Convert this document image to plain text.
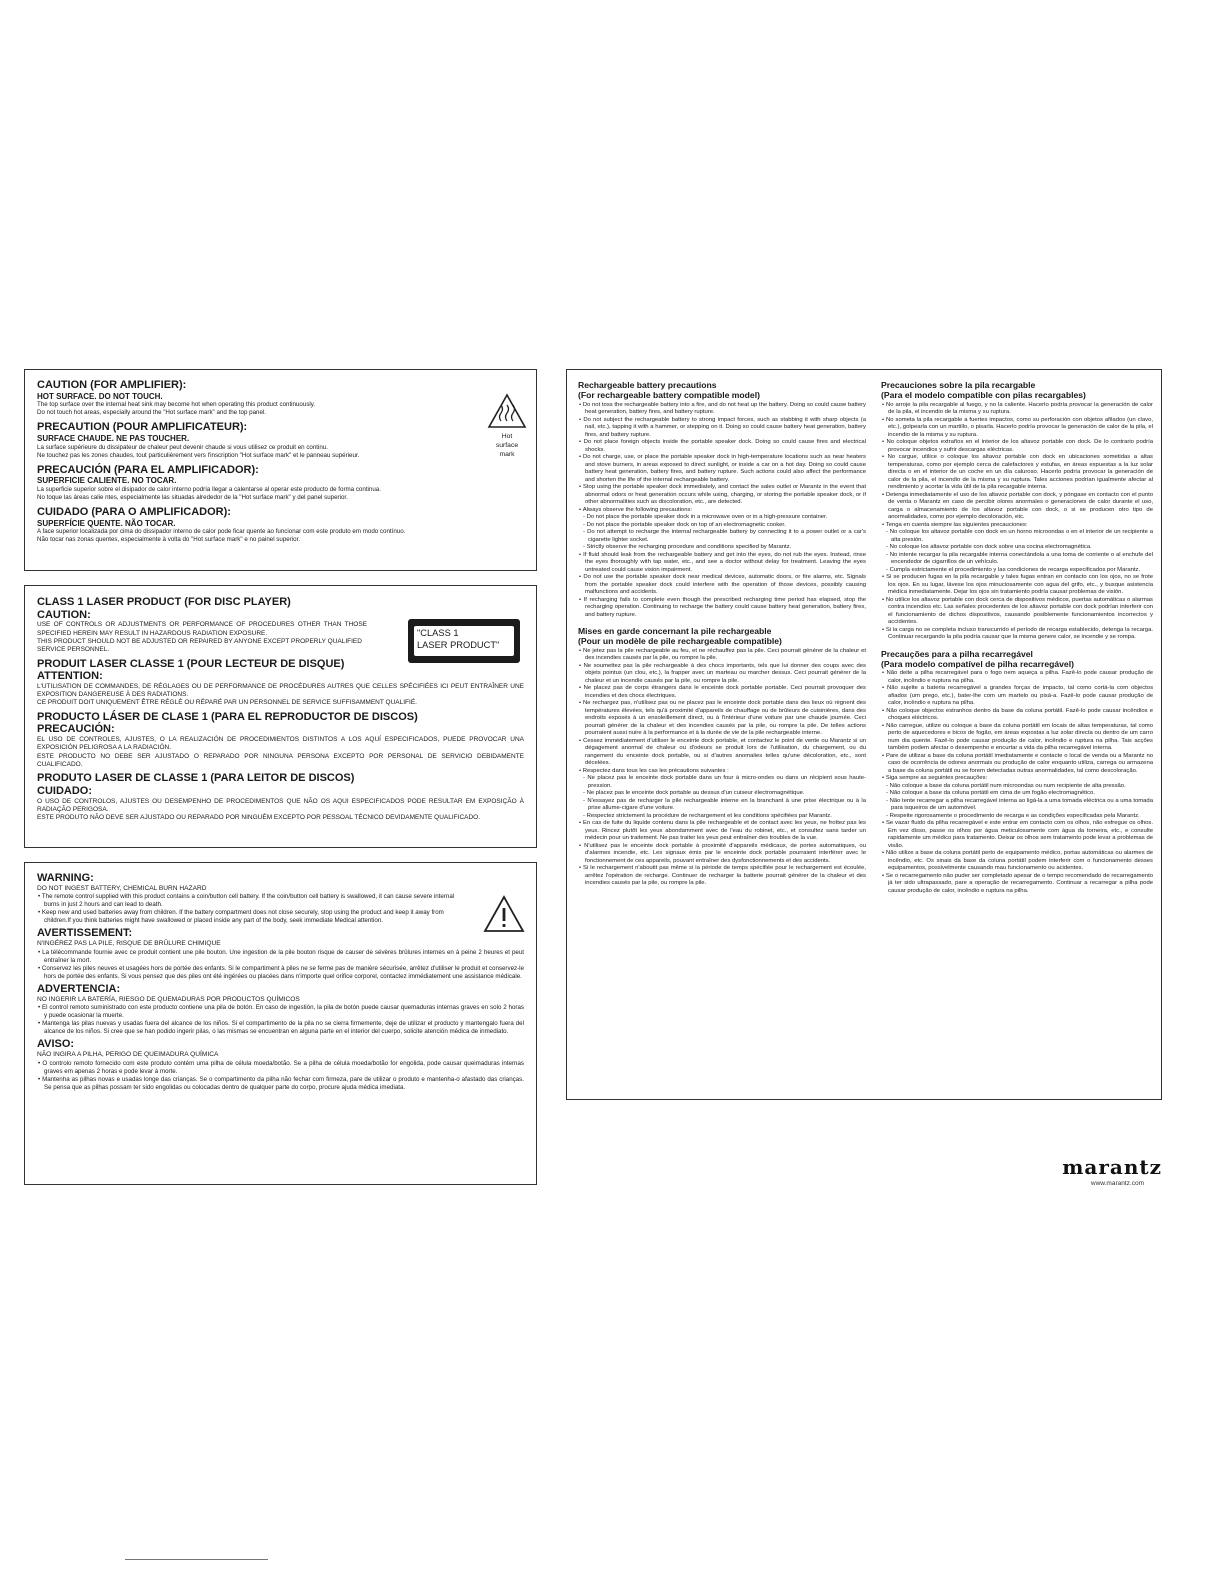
CAUTION (FOR AMPLIFIER):
HOT SURFACE. DO NOT TOUCH.
The top surface over the internal heat sink may become hot when operating this product continuously.
Do not touch hot areas, especially around the "Hot surface mark" and the top panel.
PRECAUTION (POUR AMPLIFICATEUR):
SURFACE CHAUDE. NE PAS TOUCHER.
La surface supérieure du dissipateur de chaleur peut devenir chaude si vous utilisez ce produit en continu.
Ne touchez pas les zones chaudes, tout particulièrement vers l'inscription "Hot surface mark" et le panneau supérieur.
PRECAUCIÓN (PARA EL AMPLIFICADOR):
SUPERFICIE CALIENTE. NO TOCAR.
La superficie superior sobre el disipador de calor interno podría llegar a calentarse al operar este producto de forma continua.
No toque las áreas calie ntes, especialmente las situadas alrededor de la "Hot surface mark" y del panel superior.
CUIDADO (PARA O AMPLIFICADOR):
SUPERFÍCIE QUENTE. NÃO TOCAR.
A face superior localizada por cima do dissipador interno de calor pode ficar quente ao funcionar com este produto em modo contínuo.
Não tocar nas zonas quentes, especialmente à volta do "Hot surface mark" e no painel superior.
Hot
surface
mark
CLASS 1 LASER PRODUCT (FOR DISC PLAYER)
CAUTION:
USE OF CONTROLS OR ADJUSTMENTS OR PERFORMANCE OF PROCEDURES OTHER THAN THOSE SPECIFIED HEREIN MAY RESULT IN HAZARDOUS RADIATION EXPOSURE.
THIS PRODUCT SHOULD NOT BE ADJUSTED OR REPAIRED BY ANYONE EXCEPT PROPERLY QUALIFIED SERVICE PERSONNEL.
"CLASS 1
LASER PRODUCT"
PRODUIT LASER CLASSE 1 (POUR LECTEUR DE DISQUE)
ATTENTION:
L'UTILISATION DE COMMANDES, DE RÉGLAGES OU DE PERFORMANCE DE PROCÉDURES AUTRES QUE CELLES SPÉCIFIÉES ICI PEUT ENTRAÎNER UNE EXPOSITION DANGEREUSE À DES RADIATIONS.
CE PRODUIT DOIT UNIQUEMENT ÊTRE RÉGLÉ OU RÉPARÉ PAR UN PERSONNEL DE SERVICE SUFFISAMMENT QUALIFIÉ.
PRODUCTO LÁSER DE CLASE 1 (PARA EL REPRODUCTOR DE DISCOS)
PRECAUCIÓN:
EL USO DE CONTROLES, AJUSTES, O LA REALIZACIÓN DE PROCEDIMIENTOS DISTINTOS A LOS AQUÍ ESPECIFICADOS, PUEDE PROVOCAR UNA EXPOSICIÓN PELIGROSA A LA RADIACIÓN.
ESTE PRODUCTO NO DEBE SER AJUSTADO O REPARADO POR NINGUNA PERSONA EXCEPTO POR PERSONAL DE SERVICIO DEBIDAMENTE CUALIFICADO.
PRODUTO LASER DE CLASSE 1 (PARA LEITOR DE DISCOS)
CUIDADO:
O USO DE CONTROLOS, AJUSTES OU DESEMPENHO DE PROCEDIMENTOS QUE NÃO OS AQUI ESPECIFICADOS PODE RESULTAR EM EXPOSIÇÃO À RADIAÇÃO PERIGOSA.
ESTE PRODUTO NÃO DEVE SER AJUSTADO OU REPARADO POR NINGUÉM EXCEPTO POR PESSOAL TÉCNICO DEVIDAMENTE QUALIFICADO.
WARNING:
DO NOT INGEST BATTERY, CHEMICAL BURN HAZARD
• The remote control supplied with this product contains a coin/button cell battery. If the coin/button cell battery is swallowed, it can cause severe internal burns in just 2 hours and can lead to death.
• Keep new and used batteries away from children. If the battery compartment does not close securely, stop using the product and keep it away from children.If you think batteries might have swallowed or placed inside any part of the body, seek immediate Medical attention.
AVERTISSEMENT:
N'INGÉREZ PAS LA PILE, RISQUE DE BRÛLURE CHIMIQUE
• La télécommande fournie avec ce produit contient une pile bouton. Une ingestion de la pile bouton risque de causer de sévères brûlures internes en à peine 2 heures et peut entraîner la mort.
• Conservez les piles neuves et usagées hors de portée des enfants. Si le compartiment à piles ne se ferme pas de manière sécurisée, arrêtez d'utiliser le produit et conservez-le hors de portée des enfants. Si vous pensez que des piles ont été ingérées ou placées dans n'importe quel orifice corporel, contactez immédiatement une assistance médicale.
ADVERTENCIA:
NO INGERIR LA BATERÍA, RIESGO DE QUEMADURAS POR PRODUCTOS QUÍMICOS
• El control remoto suministrado con este producto contiene una pila de botón. En caso de ingestión, la pila de botón puede causar quemaduras internas graves en solo 2 horas y puede ocasionar la muerte.
• Mantenga las pilas nuevas y usadas fuera del alcance de los niños. Si el compartimento de la pila no se cierra firmemente, deje de utilizar el producto y mantengalo fuera del alcance de los niños. Si cree que se han podido ingerir pilas, o las mismas se encuentran en alguna parte en el interior del cuerpo, solicite atención médica de inmediato.
AVISO:
NÃO INGIRA A PILHA, PERIGO DE QUEIMADURA QUÍMICA
• O controlo remoto fornecido com este produto contém uma pilha de célula moeda/botão. Se a pilha de célula moeda/botão for engolida, pode causar queimaduras internas graves em apenas 2 horas e pode levar à morte.
• Mantenha as pilhas novas e usadas longe das crianças. Se o compartimento da pilha não fechar com firmeza, pare de utilizar o produto e mantenha-o afastado das crianças. Se pensa que as pilhas possam ter sido engolidas ou colocadas dentro de qualquer parte do corpo, procure ajuda médica imediata.
Rechargeable battery precautions
(For rechargeable battery compatible model)
• Do not toss the rechargeable battery into a fire, and do not heat up the battery. Doing so could cause battery heat generation, battery fires, and battery rupture.
• Do not subject the rechargeable battery to strong impact forces, such as stabbing it with sharp objects (a nail, etc.), tapping it with a hammer, or stepping on it. Doing so could cause battery heat generation, battery fires, and battery rupture.
• Do not place foreign objects inside the portable speaker dock. Doing so could cause fires and electrical shocks.
• Do not charge, use, or place the portable speaker dock in high-temperature locations such as near heaters and stove burners, in areas exposed to direct sunlight, or inside a car on a hot day. Doing so could cause battery heat generation, battery fires, and battery rupture. Such actions could also affect the performance and shorten the life of the internal rechargeable battery.
• Stop using the portable speaker dock immediately, and contact the sales outlet or Marantz in the event that abnormal odors or heat generation occurs while using, charging, or storing the portable speaker dock, or if other abnormalities such as discoloration, etc., are detected.
• Always observe the following precautions:
- Do not place the portable speaker dock in a microwave oven or in a high-pressure container.
- Do not place the portable speaker dock on top of an electromagnetic cooker.
- Do not attempt to recharge the internal rechargeable battery by connecting it to a power outlet or a car's cigarette lighter socket.
- Strictly observe the recharging procedure and conditions specified by Marantz.
• If fluid should leak from the rechargeable battery and get into the eyes, do not rub the eyes. Instead, rinse the eyes thoroughly with tap water, etc., and see a doctor without delay for treatment. Leaving the eyes untreated could cause vision impairment.
• Do not use the portable speaker dock near medical devices, automatic doors, or fire alarms, etc. Signals from the portable speaker dock could interfere with the operation of those devices, possibly causing malfunctions and accidents.
• If recharging fails to complete even though the prescribed recharging time period has elapsed, stop the recharging operation. Continuing to recharge the battery could cause battery heat generation, battery fires, and battery rupture.
Mises en garde concernant la pile rechargeable
(Pour un modèle de pile rechargeable compatible)
• Ne jetez pas la pile rechargeable au feu, et ne réchauffez pas la pile. Ceci pourrait générer de la chaleur et des incendies causés par la pile, ou rompre la pile.
• Ne soumettez pas la pile rechargeable à des chocs importants, tels que lui donner des coups avec des objets pointus (un clou, etc.), la frapper avec un marteau ou marcher dessus. Ceci pourrait générer de la chaleur et un incendie causés par la pile, ou rompre la pile.
• Ne placez pas de corps étrangers dans le enceinte dock portable portable. Ceci pourrait provoquer des incendies et des chocs électriques.
• Ne rechargez pas, n'utilisez pas ou ne placez pas le enceinte dock portable dans des lieux où règnent des températures élevées, tels qu'à proximité d'appareils de chauffage ou de brûleurs de cuisinières, dans des endroits exposés à un ensoleillement direct, ou à l'intérieur d'une voiture par une chaude journée. Ceci pourrait générer de la chaleur et des incendies causés par la pile, ou rompre la pile. De telles actions pourraient aussi nuire à la performance et à la durée de vie de la pile rechargeable interne.
• Cessez immédiatement d'utiliser le enceinte dock portable, et contactez le point de vente ou Marantz si un dégagement anormal de chaleur ou d'odeurs se produit lors de l'utilisation, du chargement, ou du rangement du enceinte dock portable, ou si d'autres anomalies telles qu'une décoloration, etc., sont décelées.
• Respectez dans tous les cas les précautions suivantes :
- Ne placez pas le enceinte dock portable dans un four à micro-ondes ou dans un récipient sous haute-pression.
- Ne placez pas le enceinte dock portable au dessus d'un cuiseur électromagnétique.
- N'essayez pas de recharger la pile rechargeable interne en la branchant à une prise électrique ou à la prise allume-cigare d'une voiture.
- Respectez strictement la procédure de rechargement et les conditions spécifiées par Marantz.
• En cas de fuite du liquide contenu dans la pile rechargeable et de contact avec les yeux, ne frottez pas les yeux. Rincez plutôt les yeux abondamment avec de l'eau du robinet, etc., et consultez sans tarder un médecin pour un traitement. Ne pas traiter les yeux peut entraîner des troubles de la vue.
• N'utilisez pas le enceinte dock portable à proximité d'appareils médicaux, de portes automatiques, ou d'alarmes incendie, etc. Les signaux émis par le enceinte dock portable pourraient interférer avec le fonctionnement de ces appareils, pouvant entraîner des dysfonctionnements et des accidents.
• Si le rechargement n'aboutit pas même si la période de temps spécifiée pour le rechargement est écoulée, arrêtez l'opération de recharge. Continuer de recharger la batterie pourrait générer de la chaleur et des incendies causés par la pile, ou rompre la pile.
Precauciones sobre la pila recargable
(Para el modelo compatible con pilas recargables)
• No arroje la pila recargable al fuego, y no la caliente. Hacerlo podría provocar la generación de calor de la pila, el incendio de la misma y su ruptura.
• No someta la pila recargable a fuertes impactos, como su perforación con objetos afilados (un clavo, etc.), golpearla con un martillo, o pisarla. Hacerlo podría provocar la generación de calor de la pila, el incendio de la misma y su ruptura.
• No coloque objetos extraños en el interior de los altavoz portable con dock. De lo contrario podría provocar incendios y sufrir descargas eléctricas.
• No cargue, utilice o coloque los altavoz portable con dock en ubicaciones sometidas a altas temperaturas, como por ejemplo cerca de calefactores y estufas, en áreas expuestas a la luz solar directa o en el interior de un coche en un día caluroso. Hacerlo podría provocar la generación de calor de la pila, el incendio de la misma y su ruptura. Tales acciones podrían igualmente afectar al rendimiento y acortar la vida útil de la pila recargable interna.
• Detenga inmediatamente el uso de los altavoz portable con dock, y póngase en contacto con el punto de venta o Marantz en caso de percibir olores anormales o generaciones de calor durante el uso, carga o almacenamiento de los altavoz portable con dock, o si se producen otro tipo de anormalidades, como por ejemplo decoloración, etc.
• Tenga en cuenta siempre las siguientes precauciones:
- No coloque los altavoz portable con dock en un horno microondas o en el interior de un recipiente a alta presión.
- No coloque los altavoz portable con dock sobre una cocina electromagnética.
- No intente recargar la pila recargable interna conectándola a una toma de corriente o al enchufe del encendedor de cigarrillos de un vehículo.
- Cumpla estrictamente el procedimiento y las condiciones de recarga especificados por Marantz.
• Si se producen fugas en la pila recargable y tales fugas entran en contacto con los ojos, no se frote los ojos. En su lugar, lávese los ojos minuciosamente con agua del grifo, etc., y busque asistencia médica inmediatamente. Dejar los ojos sin tratamiento podría causar problemas de visión.
• No utilice los altavoz portable con dock cerca de dispositivos médicos, puertas automáticas o alarmas contra incendios etc. Las señales procedentes de los altavoz portable con dock podrían interferir con el funcionamiento de dichos dispositivos, causando posiblemente funcionamientos incorrectos y accidentes.
• Si la carga no se completa incluso transcurrido el período de recarga establecido, detenga la recarga. Continuar recargando la pila podría causar que la misma genere calor, se incendie y se rompa.
Precauções para a pilha recarregável
(Para modelo compatível de pilha recarregável)
• Não deite a pilha recarregável para o fogo nem aqueça a pilha. Fazê-lo pode causar produção de calor, incêndio e ruptura na pilha.
• Não sujeite a bateria recarregável a grandes forças de impacto, tal como cortá-la com objectos afiados (um prego, etc.), bater-lhe com um martelo ou pisá-a. Fazê-lo pode causar produção de calor, incêndio e ruptura na pilha.
• Não coloque objectos estranhos dentro da base da coluna portátil. Fazê-lo pode causar incêndios e choques eléctricos.
• Não carregue, utilize ou coloque a base da coluna portátil em locais de altas temperaturas, tal como perto de aquecedores e bicos de fogão, em áreas expostas a luz solar directa ou dentro de um carro num dia quente. Fazê-lo pode causar produção de calor, incêndio e ruptura na pilha. Tais acções também podem afectar o desempenho e encurtar a vida da pilha recarregável interna.
• Pare de utilizar a base da coluna portátil imediatamente e contacte o local de venda ou a Marantz no caso de ocorrência de odores anormais ou produção de calor enquanto utiliza, carrega ou armazena a base da coluna portátil ou se forem detectadas outras anormalidades, tal como descoloração.
• Siga sempre as seguintes precauções:
- Não coloque a base da coluna portátil num microondas ou num recipiente de alta pressão.
- Não coloque a base da coluna portátil em cima de um fogão electromagnético.
- Não tente recarregar a pilha recarregável interna ao ligá-la a uma tomada eléctrica ou a uma tomada para isqueiros de um automóvel.
- Respeite rigorosamente o procedimento de recarga e as condições especificadas pela Marantz.
• Se vazar fluido da pilha recarregável e este entrar em contacto com os olhos, não esfregue os olhos. Em vez disso, passe os olhos por água meticulosamente com água da torneira, etc., e consulte rapidamente um médico para tratamento. Deixar os olhos sem tratamento pode levar a problemas de visão.
• Não utilize a base da coluna portátil perto de equipamento médico, portas automáticas ou alarmes de incêndio, etc. Os sinais da base da coluna portátil podem interferir com o funcionamento desses equipamentos, possivelmente causando mau funcionamento ou acidentes.
• Se o recarregamento não puder ser completado apesar de o tempo recomendado de recarregamento já ter sido ultrapassado, pare a operação de recarregamento. Continuar a recarregar a pilha pode causar produção de calor, incêndio e ruptura na pilha.
marantz
www.marantz.com
